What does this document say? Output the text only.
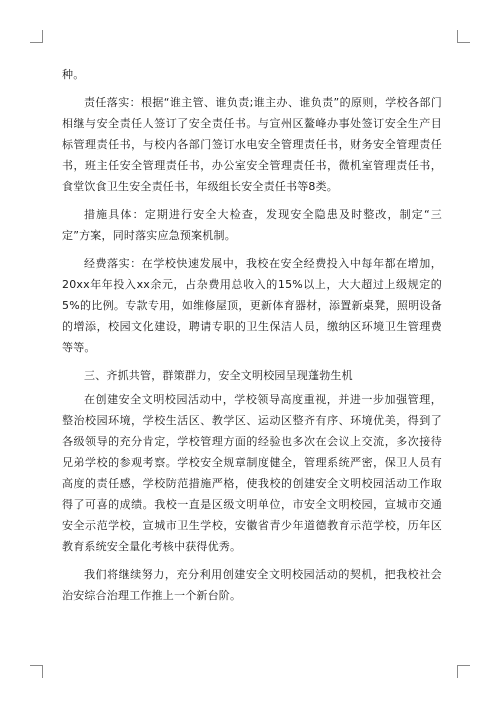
种。

责任落实：根据“谁主管、谁负责;谁主办、谁负责”的原则，学校各部门相继与安全责任人签订了安全责任书。与宣州区鳌峰办事处签订安全生产目标管理责任书，与校内各部门签订水电安全管理责任书，财务安全管理责任书，班主任安全管理责任书，办公室安全管理责任书，微机室管理责任书，食堂饮食卫生安全责任书，年级组长安全责任书等8类。

措施具体：定期进行安全大检查，发现安全隐患及时整改，制定“三定”方案，同时落实应急预案机制。

经费落实：在学校快速发展中，我校在安全经费投入中每年都在增加，20xx年年投入xx余元，占杂费用总收入的15%以上，大大超过上级规定的5%的比例。专款专用，如维修屋顶，更新体育器材，添置新桌凳，照明设备的增添，校园文化建设，聘请专职的卫生保洁人员，缴纳区环境卫生管理费等等。

三、齐抓共管，群策群力，安全文明校园呈现蓬勃生机

在创建安全文明校园活动中，学校领导高度重视，并进一步加强管理，整治校园环境，学校生活区、教学区、运动区整齐有序、环境优美，得到了各级领导的充分肯定，学校管理方面的经验也多次在会议上交流，多次接待兄弟学校的参观考察。学校安全规章制度健全，管理系统严密，保卫人员有高度的责任感，学校防范措施严格，使我校的创建安全文明校园活动工作取得了可喜的成绩。我校一直是区级文明单位，市安全文明校园，宣城市交通安全示范学校，宣城市卫生学校，安徽省青少年道德教育示范学校，历年区教育系统安全量化考核中获得优秀。

我们将继续努力，充分利用创建安全文明校园活动的契机，把我校社会治安综合治理工作推上一个新台阶。
